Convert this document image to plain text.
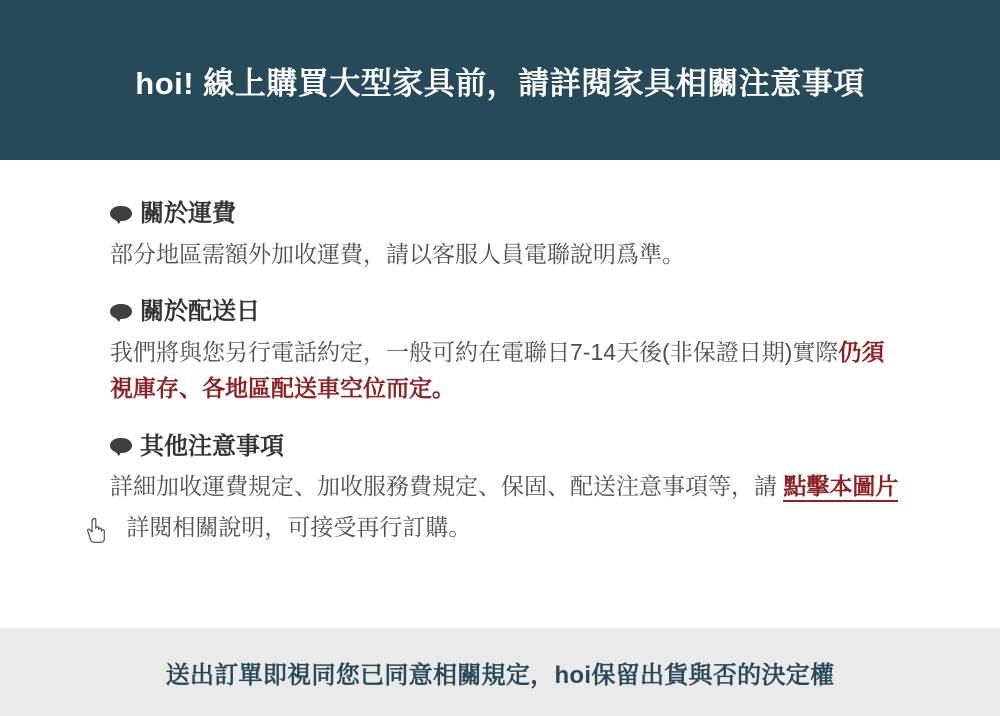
hoi! 線上購買大型家具前，請詳閱家具相關注意事項
關於運費
部分地區需額外加收運費，請以客服人員電聯說明爲準。
關於配送日
我們將與您另行電話約定，一般可約在電聯日7-14天後(非保證日期)實際仍須視庫存、各地區配送車空位而定。
其他注意事項
詳細加收運費規定、加收服務費規定、保固、配送注意事項等，請 點擊本圖片 詳閱相關說明，可接受再行訂購。
送出訂單即視同您已同意相關規定，hoi保留出貨與否的決定權
